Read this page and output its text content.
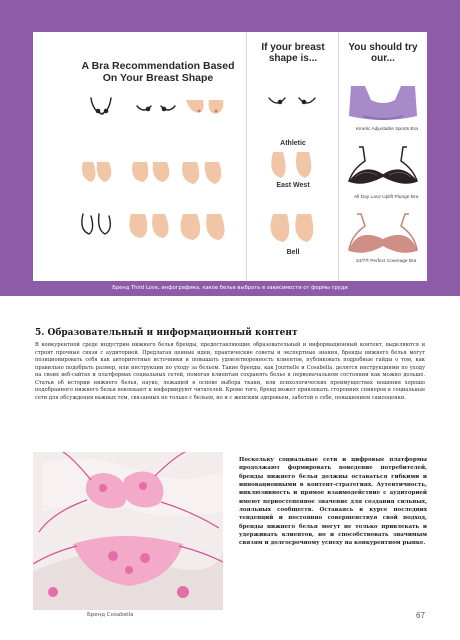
A Bra Recommendation Based On Your Breast Shape
If your breast shape is...
You should try our...
Athletic
East West
Bell
Kinetic Adjustable Sports Bra
All Day Lace Uplift Plunge Bra
24/7® Perfect Coverage Bra
Бренд Third Love, инфографика, какое белье выбрать в зависимости от формы груди
5. Образовательный и информационный контент
В конкурентной среде индустрии нижнего белья бренды, предоставляющие образовательный и информационный контент, выделяются и строят прочные связи с аудиторией. Предлагая ценные идеи, практические советы и экспертные знания, бренды нижнего белья могут позиционировать себя как авторитетные источники и повышать удовлетворенность клиентов, публиковать подробные гайды о том, как правильно подобрать размер, или инструкции по уходу за бельем. Такие бренды, как Journelle и Cosabella, делятся инструкциями по уходу на своих веб-сайтах и платформах социальных сетей, помогая клиентам сохранять белье в первоначальном состоянии как можно дольше. Статьи об истории нижнего белья, науке, лежащей в основе выбора ткани, или психологических преимуществах ношения хорошо подобранного нижнего белья вовлекают и информируют читателей. Кроме того, бренд может привлекать сторонних спикеров в социальные сети для обсуждения важных тем, связанных не только с бельем, но и с женским здоровьем, заботой о себе, повышением самооценки.
Бренд Cosabella
Поскольку социальные сети и цифровые платформы продолжают формировать поведение потребителей, бренды нижнего белья должны оставаться гибкими и инновационными в контент-стратегиях. Аутентичность, инклюзивность и прямое взаимодействие с аудиторией имеют первостепенное значение для создания сильных, лояльных сообществ. Оставаясь в курсе последних тенденций и постоянно совершенствуя свой подход, бренды нижнего белья могут не только привлекать и удерживать клиентов, но и способствовать значимым связям и долгосрочному успеху на конкурентном рынке.
67
